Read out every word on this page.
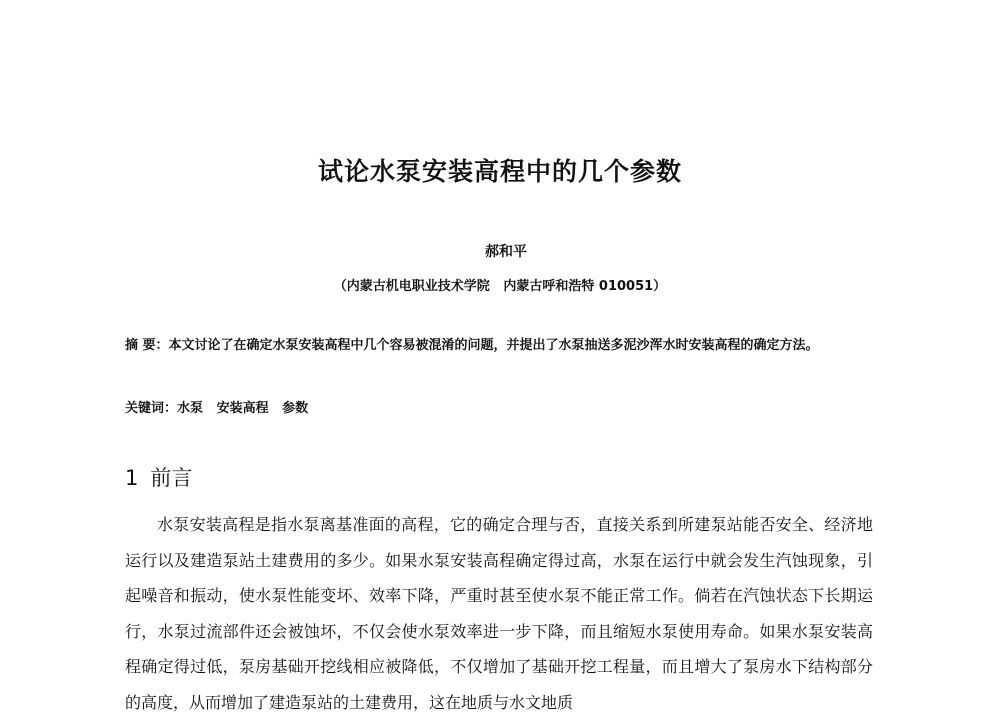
试论水泵安装高程中的几个参数
郝和平
（内蒙古机电职业技术学院   内蒙古呼和浩特 010051）
摘 要：本文讨论了在确定水泵安装高程中几个容易被混淆的问题，并提出了水泵抽送多泥沙浑水时安装高程的确定方法。
关键词：水泵   安装高程   参数
1 前言
水泵安装高程是指水泵离基准面的高程，它的确定合理与否，直接关系到所建泵站能否安全、经济地运行以及建造泵站土建费用的多少。如果水泵安装高程确定得过高，水泵在运行中就会发生汽蚀现象，引起噪音和振动，使水泵性能变坏、效率下降，严重时甚至使水泵不能正常工作。倘若在汽蚀状态下长期运行，水泵过流部件还会被蚀坏，不仅会使水泵效率进一步下降，而且缩短水泵使用寿命。如果水泵安装高程确定得过低，泵房基础开挖线相应被降低，不仅增加了基础开挖工程量，而且增大了泵房水下结构部分的高度，从而增加了建造泵站的土建费用，这在地质与水文地质
